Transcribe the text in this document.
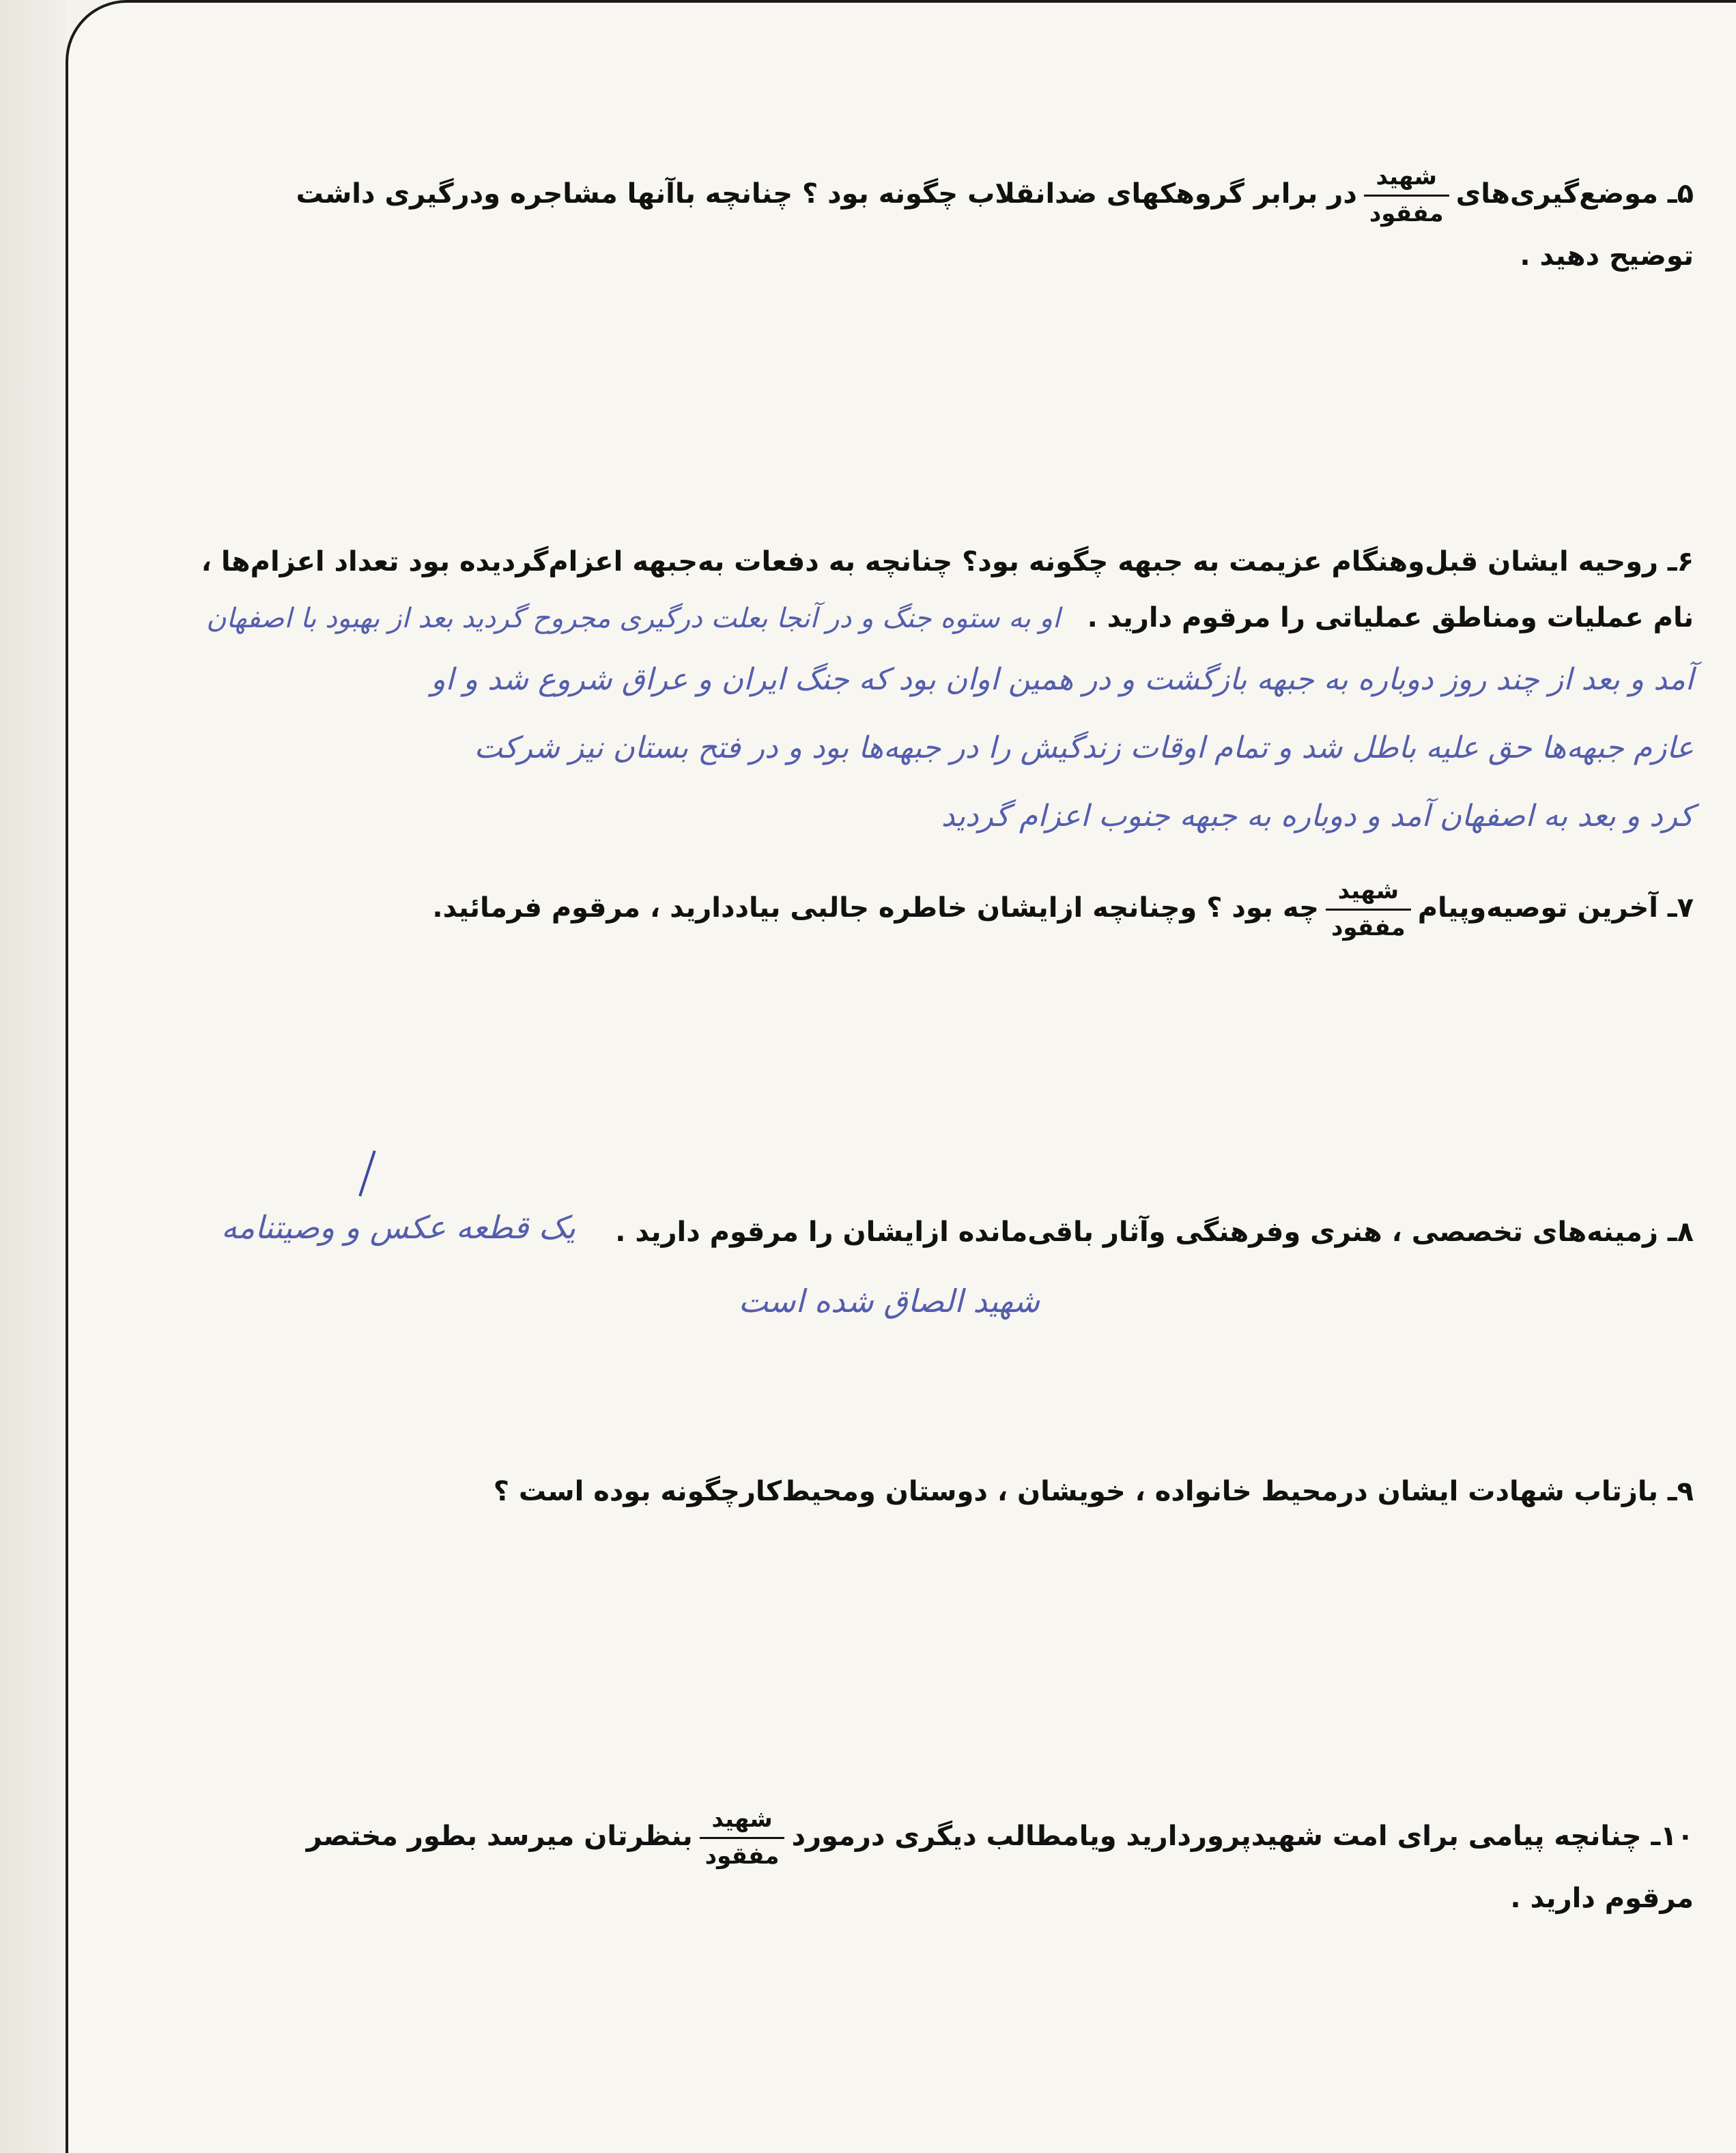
۵ـ موضع‌گیری‌های
$\frac{\text{شهید}}{\text{مفقود}}$
در برابر گروهکهای ضدانقلاب چگونه بود ؟ چنانچه باآنها مشاجره ودرگیری داشت
توضیح دهید .
۶ـ روحیه ایشان قبل‌وهنگام عزیمت به جبهه چگونه بود؟ چنانچه به دفعات به‌جبهه اعزام‌گردیده بود تعداد اعزام‌ها ،
نام عملیات ومناطق عملیاتی را مرقوم دارید .
او به ستوه جنگ و در آنجا بعلت درگیری مجروح گردید بعد از بهبود با اصفهان
آمد و بعد از چند روز دوباره به جبهه بازگشت و در همین اوان بود که جنگ ایران و عراق شروع شد و او
عازم جبهه‌ها حق علیه باطل شد و تمام اوقات زندگیش را در جبهه‌ها بود و در فتح بستان نیز شرکت
کرد و بعد به اصفهان آمد و دوباره به جبهه جنوب اعزام گردید
۷ـ آخرین توصیه‌وپیام
$\frac{\text{شهید}}{\text{مفقود}}$
چه بود ؟ وچنانچه ازایشان خاطره جالبی بیاددارید ، مرقوم فرمائید.
۸ـ زمینه‌های تخصصی ، هنری وفرهنگی وآثار باقی‌مانده ازایشان را مرقوم دارید .
یک قطعه عکس و وصیتنامه
شهید الصاق شده است
۹ـ بازتاب شهادت ایشان درمحیط خانواده ، خویشان ، دوستان ومحیط‌کارچگونه بوده است ؟
۱۰ـ چنانچه پیامی برای امت شهیدپروردارید ویامطالب دیگری درمورد
$\frac{\text{شهید}}{\text{مفقود}}$
بنظرتان میرسد بطور مختصر
مرقوم دارید .
